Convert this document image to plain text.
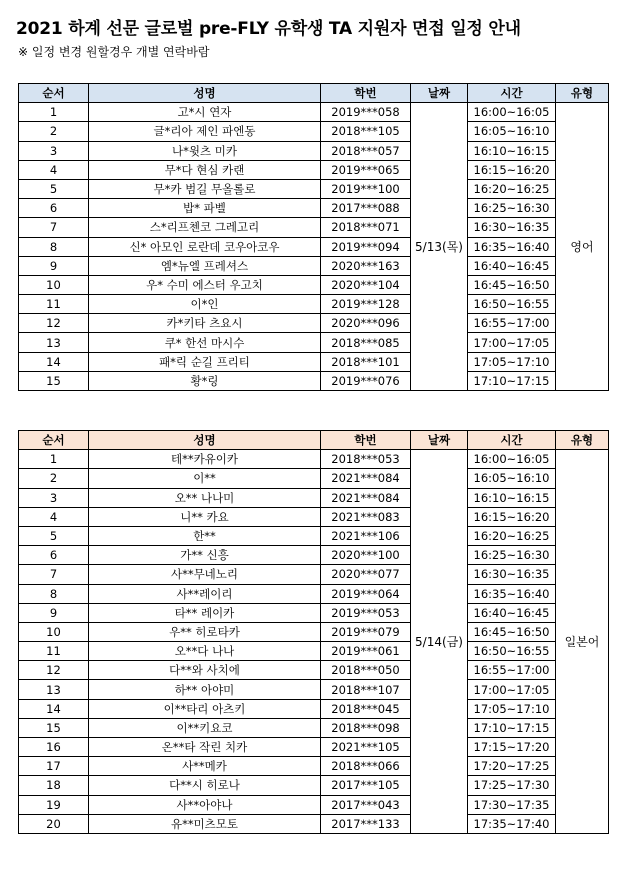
2021 하계 선문 글로벌 pre-FLY 유학생 TA 지원자 면접 일정 안내
※ 일정 변경 원할경우 개별 연락바람
순서	성명	학번	날짜	시간	유형
1	고*시 연자	2019***058	5/13(목)	16:00~16:05	영어
2	글*리아 제인 파엔동	2018***105		16:05~16:10	
3	나*윗츠 미카	2018***057		16:10~16:15	
4	무*다 현심 카랜	2019***065		16:15~16:20	
5	무*카 범길 무올롤로	2019***100		16:20~16:25	
6	밥* 파벨	2017***088		16:25~16:30	
7	스*리프첸코 그레고리	2018***071		16:30~16:35	
8	신* 아모인 로란데 코우아코우	2019***094		16:35~16:40	
9	엠*뉴엘 프레셔스	2020***163		16:40~16:45	
10	우* 수미 에스터 우고치	2020***104		16:45~16:50	
11	이*인	2019***128		16:50~16:55	
12	카*키타 츠요시	2020***096		16:55~17:00	
13	쿠* 한선 마시수	2018***085		17:00~17:05	
14	패*릭 순길 프리티	2018***101		17:05~17:10	
15	황*링	2019***076		17:10~17:15	
순서	성명	학번	날짜	시간	유형
1	테**카유이카	2018***053	5/14(금)	16:00~16:05	일본어
2	이**	2021***084		16:05~16:10	
3	오** 나나미	2021***084		16:10~16:15	
4	니** 카요	2021***083		16:15~16:20	
5	한**	2021***106		16:20~16:25	
6	가** 신흥	2020***100		16:25~16:30	
7	사**무네노리	2020***077		16:30~16:35	
8	사**레이리	2019***064		16:35~16:40	
9	타** 레이카	2019***053		16:40~16:45	
10	우** 히로타카	2019***079		16:45~16:50	
11	오**다 나나	2019***061		16:50~16:55	
12	다**와 사치에	2018***050		16:55~17:00	
13	하** 아야미	2018***107		17:00~17:05	
14	이**타리 아츠키	2018***045		17:05~17:10	
15	이**키요코	2018***098		17:10~17:15	
16	온**타 작린 치카	2021***105		17:15~17:20	
17	사**메카	2018***066		17:20~17:25	
18	다**시 히로나	2017***105		17:25~17:30	
19	사**아야나	2017***043		17:30~17:35	
20	유**미츠모토	2017***133		17:35~17:40	
